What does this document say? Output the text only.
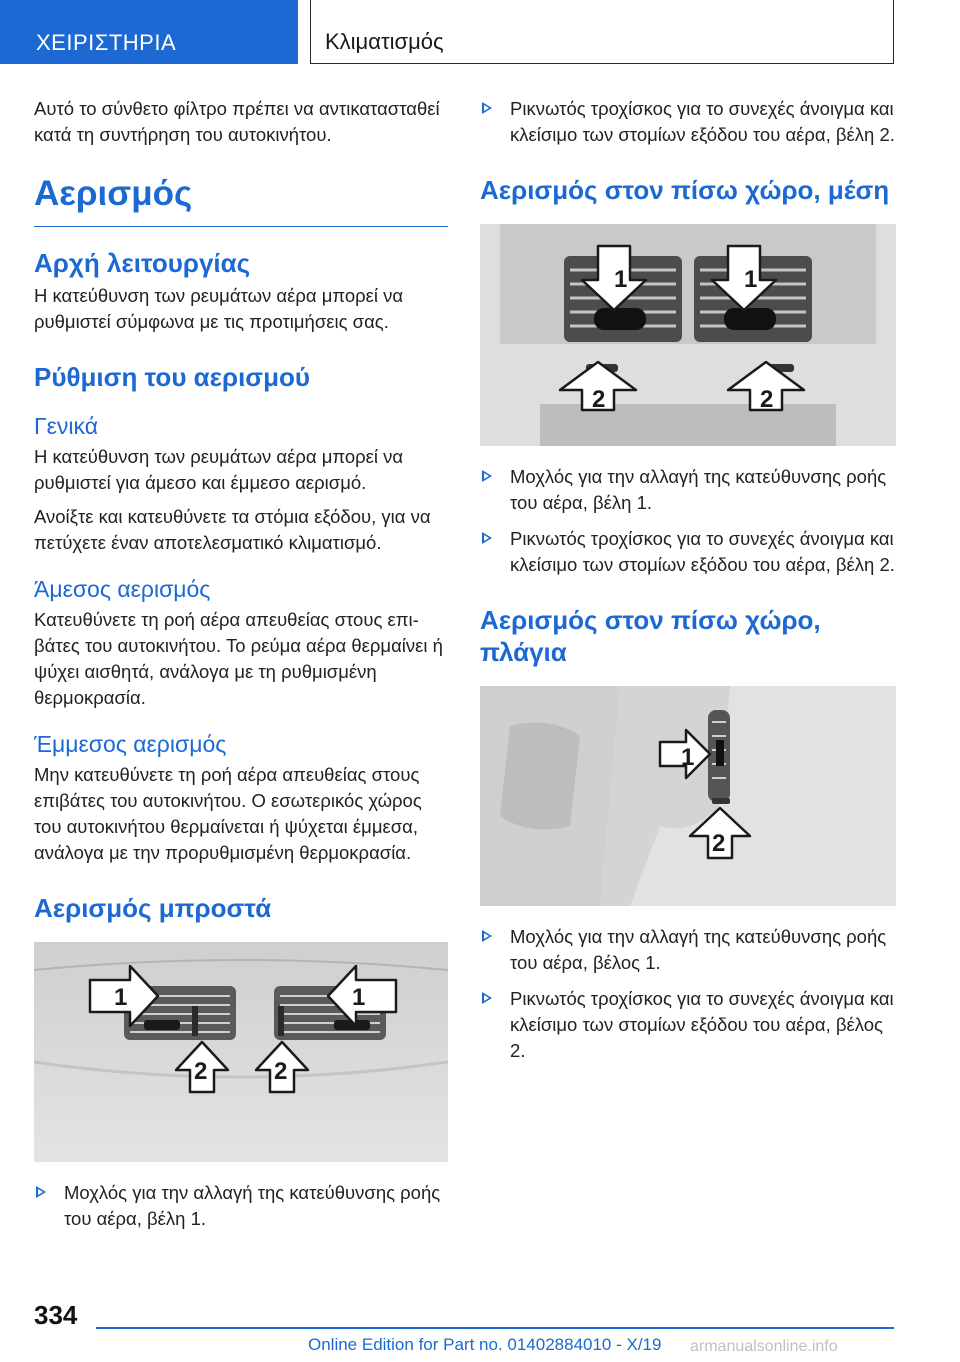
ΧΕΙΡΙΣΤΗΡΙΑ	Κλιματισμός

Αυτό το σύνθετο φίλτρο πρέπει να αντικατασταθεί κατά τη συντήρηση του αυτοκινήτου.

Αερισμός
Αρχή λειτουργίας

Η κατεύθυνση των ρευμάτων αέρα μπορεί να ρυθμιστεί σύμφωνα με τις προτιμήσεις σας.

Ρύθμιση του αερισμού
Γενικά

Η κατεύθυνση των ρευμάτων αέρα μπορεί να ρυθμιστεί για άμεσο και έμμεσο αερισμό.

Ανοίξτε και κατευθύνετε τα στόμια εξόδου, για να πετύχετε έναν αποτελεσματικό κλιματισμό.

Άμεσος αερισμός

Κατευθύνετε τη ροή αέρα απευθείας στους επιβάτες του αυτοκινήτου. Το ρεύμα αέρα θερμαίνει ή ψύχει αισθητά, ανάλογα με τη ρυθμισμένη θερμοκρασία.

Έμμεσος αερισμός

Μην κατευθύνετε τη ροή αέρα απευθείας στους επιβάτες του αυτοκινήτου. Ο εσωτερικός χώρος του αυτοκινήτου θερμαίνεται ή ψύχεται έμμεσα, ανάλογα με την προρυθμισμένη θερμοκρασία.

Αερισμός μπροστά
1	1
2	2
Μοχλός για την αλλαγή της κατεύθυνσης ροής του αέρα, βέλη 1.
Ρικνωτός τροχίσκος για το συνεχές άνοιγμα και κλείσιμο των στομίων εξόδου του αέρα, βέλη 2.
Αερισμός στον πίσω χώρο, μέση
1	1
2	2
Μοχλός για την αλλαγή της κατεύθυνσης ροής του αέρα, βέλη 1.
Ρικνωτός τροχίσκος για το συνεχές άνοιγμα και κλείσιμο των στομίων εξόδου του αέρα, βέλη 2.
Αερισμός στον πίσω χώρο, πλάγια
1
2
Μοχλός για την αλλαγή της κατεύθυνσης ροής του αέρα, βέλος 1.
Ρικνωτός τροχίσκος για το συνεχές άνοιγμα και κλείσιμο των στομίων εξόδου του αέρα, βέλος 2.
334
Online Edition for Part no. 01402884010 - X/19 armanualsonline.info
